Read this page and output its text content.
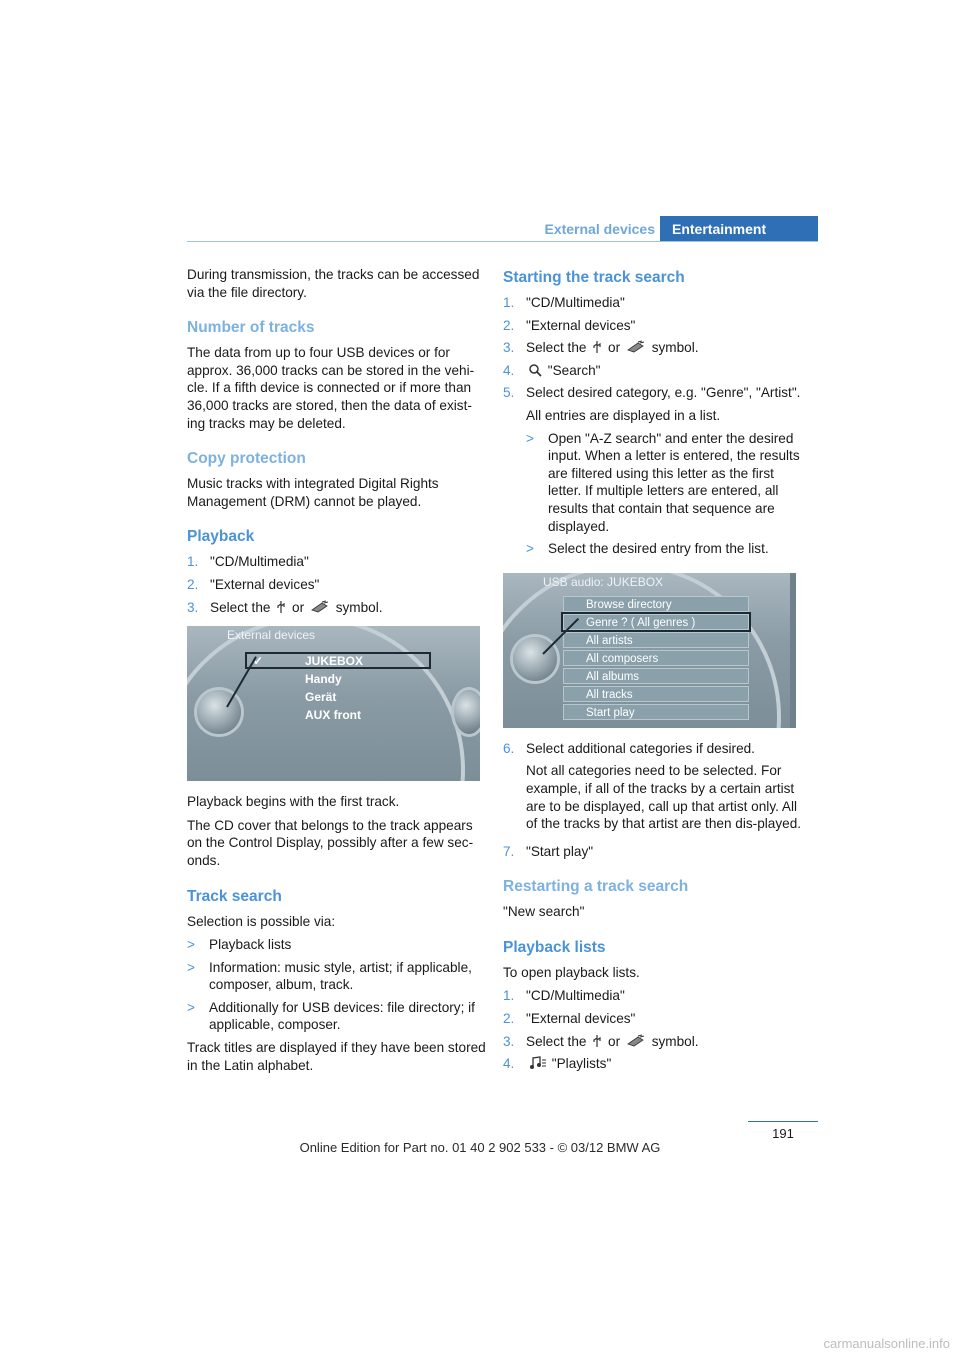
External devices	Entertainment

During transmission, the tracks can be accessed via the file directory.

Number of tracks

The data from up to four USB devices or for approx. 36,000 tracks can be stored in the vehi-cle. If a fifth device is connected or if more than 36,000 tracks are stored, then the data of exist-ing tracks may be deleted.

Copy protection

Music tracks with integrated Digital Rights Management (DRM) cannot be played.

Playback
1. "CD/Multimedia"
2. "External devices"
3. Select the or symbol.
External devices
✓	JUKEBOX
Handy
Gerät
AUX front

Playback begins with the first track.

The CD cover that belongs to the track appears on the Control Display, possibly after a few sec-onds.

Track search

Selection is possible via:

>	Playback lists
>	Information: music style, artist; if applicable, composer, album, track.
>	Additionally for USB devices: file directory; if applicable, composer.

Track titles are displayed if they have been stored in the Latin alphabet.

Starting the track search
1. "CD/Multimedia"
2. "External devices"
3. Select the or symbol.
4.	"Search"
5. Select desired category, e.g. "Genre", "Artist".
All entries are displayed in a list.
>	Open "A-Z search" and enter the desired input. When a letter is entered, the results are filtered using this letter as the first letter. If multiple letters are entered, all results that contain that sequence are displayed.
>	Select the desired entry from the list.
USB audio: JUKEBOX
Browse directory
Genre ? ( All genres )
All artists
All composers
All albums
All tracks
Start play
6. Select additional categories if desired.
Not all categories need to be selected. For example, if all of the tracks by a certain artist are to be displayed, call up that artist only. All of the tracks by that artist are then dis-played.
7. "Start play"
Restarting a track search

"New search"

Playback lists

To open playback lists.

1. "CD/Multimedia"
2. "External devices"
3. Select the or symbol.
4.	"Playlists"
191
Online Edition for Part no. 01 40 2 902 533 - © 03/12 BMW AG
carmanualsonline.info
